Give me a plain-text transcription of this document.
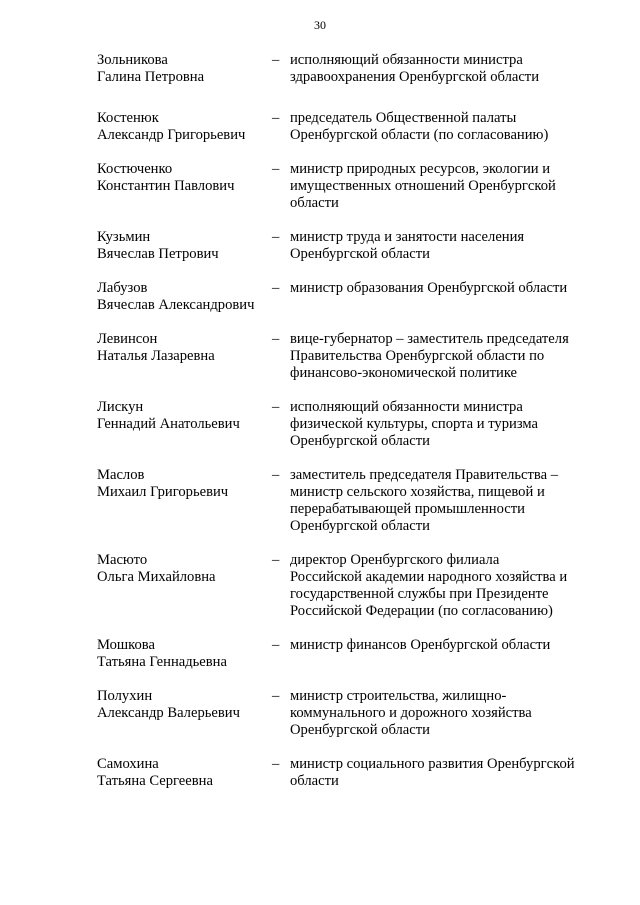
30
Зольникова
Галина Петровна
– исполняющий обязанности министра
здравоохранения Оренбургской области
Костенюк
Александр Григорьевич
– председатель Общественной палаты
Оренбургской области (по согласованию)
Костюченко
Константин Павлович
– министр природных ресурсов, экологии и
имущественных отношений Оренбургской
области
Кузьмин
Вячеслав Петрович
– министр труда и занятости населения
Оренбургской области
Лабузов
Вячеслав Александрович
– министр образования Оренбургской области
Левинсон
Наталья Лазаревна
– вице-губернатор – заместитель председателя
Правительства Оренбургской области по
финансово-экономической политике
Лискун
Геннадий Анатольевич
– исполняющий обязанности министра
физической культуры, спорта и туризма
Оренбургской области
Маслов
Михаил Григорьевич
– заместитель председателя Правительства –
министр сельского хозяйства, пищевой и
перерабатывающей промышленности
Оренбургской области
Масюто
Ольга Михайловна
– директор Оренбургского филиала
Российской академии народного хозяйства и
государственной службы при Президенте
Российской Федерации (по согласованию)
Мошкова
Татьяна Геннадьевна
– министр финансов Оренбургской области
Полухин
Александр Валерьевич
– министр строительства, жилищно-
коммунального и дорожного хозяйства
Оренбургской области
Самохина
Татьяна Сергеевна
– министр социального развития Оренбургской
области
